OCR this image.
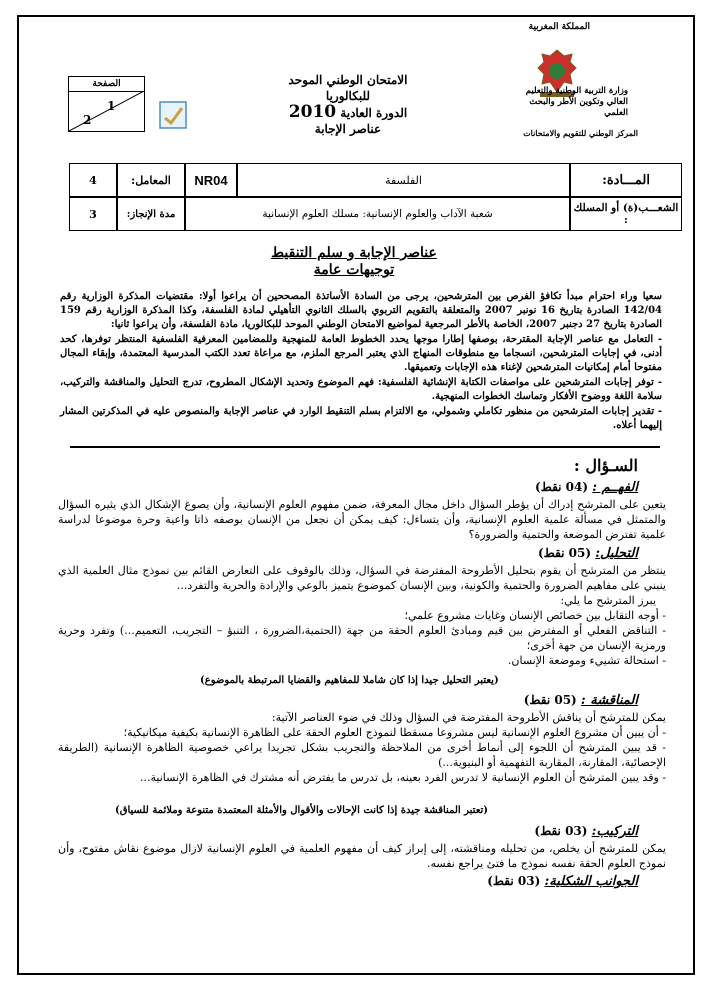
المملكة المغربية
وزارة التربية الوطنية والتعليم العالي وتكوين الأطر والبحث العلمي
المركز الوطني للتقويم والامتحانات
الامتحان الوطني الموحد للبكالوريا
الدورة العادية 2010
عناصر الإجابة
الصفحة
1
2
4	المعامل:	NR04	الفلسفة	المـــادة:
3	مدة الإنجاز:	شعبة الآداب والعلوم الإنسانية: مسلك العلوم الإنسانية	الشعـــب(ة) أو المسلك :
عناصر الإجابة و سلم التنقيط
توجيهات عامة

سعيا وراء احترام مبدأ تكافؤ الفرص بين المترشحين، يرجى من السادة الأساتذة المصححين أن يراعوا أولا: مقتضيات المذكرة الوزارية رقم 142/04 الصادرة بتاريخ 16 نونبر 2007 والمتعلقة بالتقويم التربوي بالسلك الثانوي التأهيلي لمادة الفلسفة، وكذا المذكرة الوزارية رقم 159 الصادرة بتاريخ 27 دجنبر 2007، الخاصة بالأطر المرجعية لمواضيع الامتحان الوطني الموحد للبكالوريا، مادة الفلسفة، وأن يراعوا ثانيا:

- التعامل مع عناصر الإجابة المقترحة، بوصفها إطارا موجها يحدد الخطوط العامة للمنهجية وللمضامين المعرفية الفلسفية المنتظر توفرها، كحد أدنى، في إجابات المترشحين، انسجاما مع منطوقات المنهاج الذي يعتبر المرجع الملزم، مع مراعاة تعدد الكتب المدرسية المعتمدة، وإبقاء المجال مفتوحا أمام إمكانيات المترشحين لإغناء هذه الإجابات وتعميقها.

- توفر إجابات المترشحين على مواصفات الكتابة الإنشائية الفلسفية: فهم الموضوع وتحديد الإشكال المطروح، تدرج التحليل والمناقشة والتركيب، سلامة اللغة ووضوح الأفكار وتماسك الخطوات المنهجية.

- تقدير إجابات المترشحين من منظور تكاملي وشمولي، مع الالتزام بسلم التنقيط الوارد في عناصر الإجابة والمنصوص عليه في المذكرتين المشار إليهما أعلاه.

السـؤال :
الفهــم : (04 نقط)
يتعين على المترشح إدراك أن يؤطر السؤال داخل مجال المعرفة، ضمن مفهوم العلوم الإنسانية، وأن يصوغ الإشكال الذي يثيره السؤال والمتمثل في مسألة علمية العلوم الإنسانية، وأن يتساءل: كيف يمكن أن نجعل من الإنسان بوصفه ذاتا واعية وحرة موضوعا لدراسة علمية تفترض الموضعة والحتمية والضرورة؟
التحليل: (05 نقط)

ينتظر من المترشح أن يقوم بتحليل الأطروحة المفترضة في السؤال، وذلك بالوقوف على التعارض القائم بين نموذج مثال العلمية الذي ينبني على مفاهيم الضرورة والحتمية والكونية، وبين الإنسان كموضوع يتميز بالوعي والإرادة والحرية والتفرد...

يبرز المترشح ما يلي:

- أوجه التقابل بين خصائص الإنسان وغايات مشروع علمي؛

- التناقض الفعلي أو المفترض بين قيم ومبادئ العلوم الحقة من جهة (الحتمية،الضرورة ، التنبؤ – التجريب، التعميم...) وتفرد وحرية ورمزية الإنسان من جهة أخرى؛

- استحالة تشييء وموضعة الإنسان.

(يعتبر التحليل جيدا إذا كان شاملا للمفاهيم والقضايا المرتبطة بالموضوع)
المناقشة : (05 نقط)

يمكن للمترشح أن يناقش الأطروحة المفترضة في السؤال وذلك في ضوء العناصر الآتية:

- أن يبين أن مشروع العلوم الإنسانية ليس مشروعا مسقطا لنموذج العلوم الحقة على الظاهرة الإنسانية بكيفية ميكانيكية؛

- قد يبين المترشح أن اللجوء إلى أنماط أخرى من الملاحظة والتجريب بشكل تجريدا يراعي خصوصية الظاهرة الإنسانية (الطريقة الإحصائية، المقارنة، المقاربة التفهمية أو البنيوية...)

- وقد يبين المترشح أن العلوم الإنسانية لا تدرس الفرد بعينه، بل تدرس ما يفترض أنه مشترك في الظاهرة الإنسانية...

(تعتبر المناقشة جيدة إذا كانت الإحالات والأقوال والأمثلة المعتمدة متنوعة وملائمة للسياق)
التركيب: (03 نقط)
يمكن للمترشح أن يخلص، من تحليله ومناقشته، إلى إبراز كيف أن مفهوم العلمية في العلوم الإنسانية لازال موضوع نقاش مفتوح، وأن نموذج العلوم الحقة نفسه نموذج ما فتئ يراجع نفسه.
الجوانب الشكلية: (03 نقط)
